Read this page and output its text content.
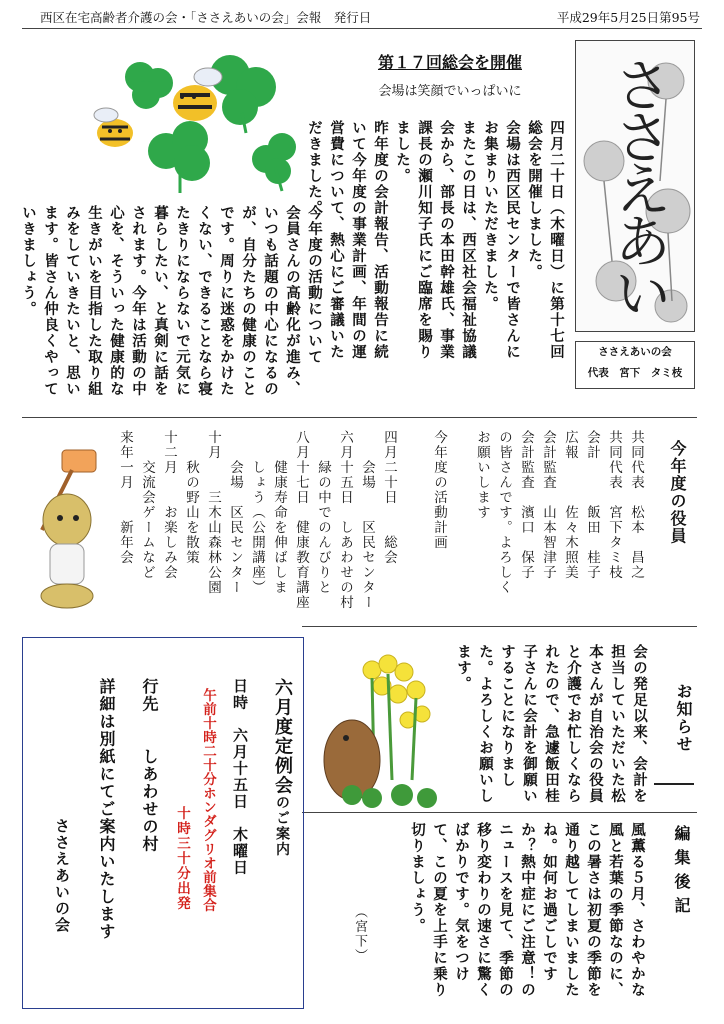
西区在宅高齢者介護の会・「ささえあいの会」会報　発行日	平成29年5月25日第95号
ささえあい
ささえあいの会
代表　宮下　タミ枝
第１７回総会を開催
会場は笑顔でいっぱいに

四月二十日（木曜日）に第十七回総会を開催しました。

会場は西区民センターで皆さんにお集まりいただきました。

またこの日は、西区社会福祉協議会から、部長の本田幹雄氏、事業課長の瀬川知子氏にご臨席を賜りました。

昨年度の会計報告、活動報告に続いて今年度の事業計画、年間の運営費について、熱心にご審議いただきました。

今年度の活動について

会員さんの高齢化が進み、いつも話題の中心になるのが、自分たちの健康のことです。周りに迷惑をかけたくない、できることなら寝たきりにならないで元気に暮らしたい、と真剣に話をされます。今年は活動の中心を、そういった健康的な生きがいを目指した取り組みをしていきたいと、思います。皆さん仲良くやっていきましょう。

今年度の役員

共同代表　松本　昌之

共同代表　宮下タミ枝

会計　　　飯田　桂子

広報　　　佐々木照美

会計監査　山本智津子

会計監査　濱口　保子

の皆さんです。よろしく

お願いします

今年度の活動計画

四月二十日　　総会

　　会場　　区民センター

六月十五日　しあわせの村

　　緑の中でのんびりと

八月十七日　健康教育講座

　　健康寿命を伸ばしま

　　しょう（公開講座）

　　会場　区民センター

十月　　三木山森林公園

　　秋の野山を散策

十二月　　お楽しみ会

　　交流会ゲームなど

来年一月　　新年会

お知らせ
会の発足以来、会計を担当していただいた松本さんが自治会の役員と介護でお忙しくなられたので、急遽飯田桂子さんに会計を御願いすることになりました。よろしくお願いします。
編集後記
風薫る５月、さわやかな風と若葉の季節なのに、この暑さは初夏の季節を通り越してしまいましたね。如何お過ごしですか？熱中症にご注意！のニュースを見て、季節の移り変わりの速さに驚くばかりです。気をつけて、この夏を上手に乗り切りましょう。
（宮下）
六月度定例会のご案内
日時　六月十五日　木曜日
午前十時二十分ホンダグリオ前集合
十時三十分出発
行先　　しあわせの村
詳細は別紙にてご案内いたします
ささえあいの会
